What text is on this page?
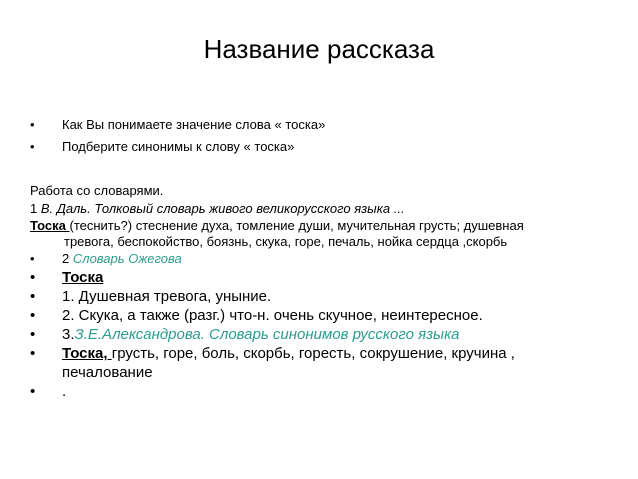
Название рассказа
• Как Вы понимаете значение слова « тоска»
• Подберите синонимы к слову « тоска»
Работа со словарями.
1 В. Даль. Толковый словарь живого великорусского языка ...
Тоска (теснить?) стеснение духа, томление души, мучительная грусть; душевная
тревога, беспокойство, боязнь, скука, горе, печаль, нойка сердца ,скорбь
• 2 Словарь Ожегова
• Тоска
• 1. Душевная тревога, уныние.
• 2. Скука, а также (разг.) что-н. очень скучное, неинтересное.
• 3.З.Е.Александрова. Словарь синонимов русского языка
• Тоска, грусть, горе, боль, скорбь, горесть, сокрушение, кручина , печалование
• .
